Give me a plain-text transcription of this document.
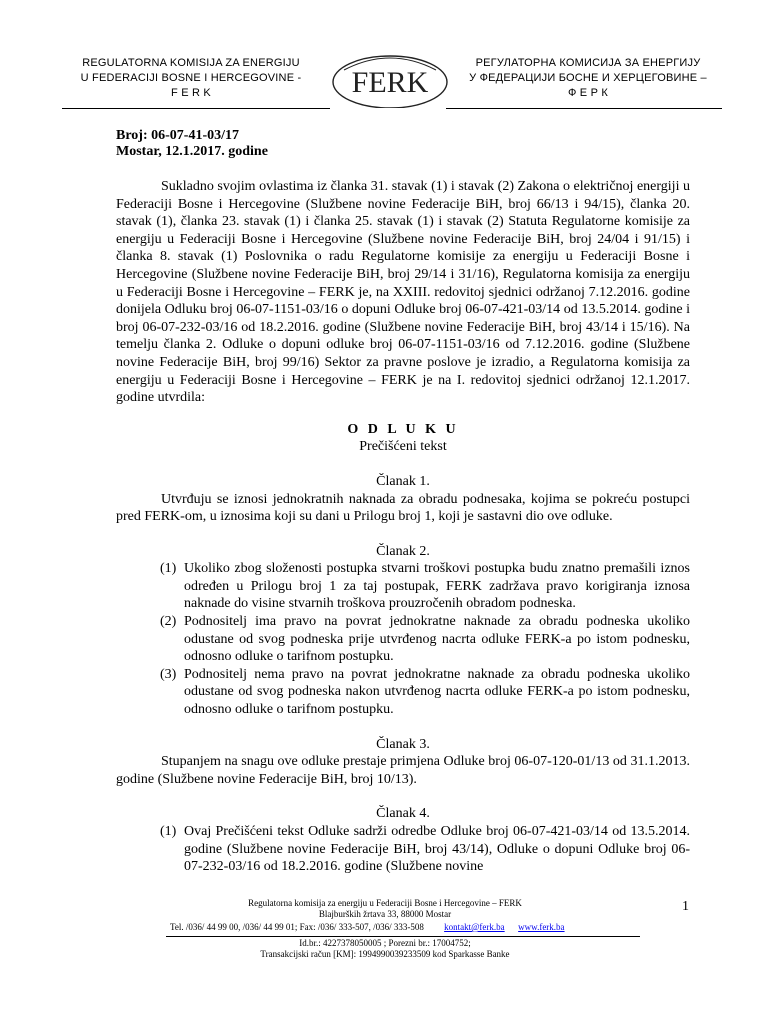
REGULATORNA KOMISIJA ZA ENERGIJU
U FEDERACIJI BOSNE I HERCEGOVINE -
F E R K	FERK
РЕГУЛАТОРНА КОМИСИЈА ЗА ЕНЕРГИЈУ
У ФЕДЕРАЦИЈИ БОСНЕ И ХЕРЦЕГОВИНЕ –
Ф Е Р К
Broj: 06-07-41-03/17
Mostar, 12.1.2017. godine

Sukladno svojim ovlastima iz članka 31. stavak (1) i stavak (2) Zakona o električnoj energiji u Federaciji Bosne i Hercegovine (Službene novine Federacije BiH, broj 66/13 i 94/15), članka 20. stavak (1), članka 23. stavak (1) i članka 25. stavak (1) i stavak (2) Statuta Regulatorne komisije za energiju u Federaciji Bosne i Hercegovine (Službene novine Federacije BiH, broj 24/04 i 91/15) i članka 8. stavak (1) Poslovnika o radu Regulatorne komisije za energiju u Federaciji Bosne i Hercegovine (Službene novine Federacije BiH, broj 29/14 i 31/16), Regulatorna komisija za energiju u Federaciji Bosne i Hercegovine – FERK je, na XXIII. redovitoj sjednici održanoj 7.12.2016. godine donijela Odluku broj 06-07-1151-03/16 o dopuni Odluke broj 06-07-421-03/14 od 13.5.2014. godine i broj 06-07-232-03/16 od 18.2.2016. godine (Službene novine Federacije BiH, broj 43/14 i 15/16). Na temelju članka 2. Odluke o dopuni odluke broj 06-07-1151-03/16 od 7.12.2016. godine (Službene novine Federacije BiH, broj 99/16) Sektor za pravne poslove je izradio, a Regulatorna komisija za energiju u Federaciji Bosne i Hercegovine – FERK je na I. redovitoj sjednici održanoj 12.1.2017. godine utvrdila:

O D L U K U

Prečišćeni tekst

Članak 1.

Utvrđuju se iznosi jednokratnih naknada za obradu podnesaka, kojima se pokreću postupci pred FERK-om, u iznosima koji su dani u Prilogu broj 1, koji je sastavni dio ove odluke.

Članak 2.

(1) Ukoliko zbog složenosti postupka stvarni troškovi postupka budu znatno premašili iznos određen u Prilogu broj 1 za taj postupak, FERK zadržava pravo korigiranja iznosa naknade do visine stvarnih troškova prouzročenih obradom podneska.
(2) Podnositelj ima pravo na povrat jednokratne naknade za obradu podneska ukoliko odustane od svog podneska prije utvrđenog nacrta odluke FERK-a po istom podnesku, odnosno odluke o tarifnom postupku.
(3) Podnositelj nema pravo na povrat jednokratne naknade za obradu podneska ukoliko odustane od svog podneska nakon utvrđenog nacrta odluke FERK-a po istom podnesku, odnosno odluke o tarifnom postupku.

Članak 3.

Stupanjem na snagu ove odluke prestaje primjena Odluke broj 06-07-120-01/13 od 31.1.2013. godine (Službene novine Federacije BiH, broj 10/13).

Članak 4.

(1) Ovaj Prečišćeni tekst Odluke sadrži odredbe Odluke broj 06-07-421-03/14 od 13.5.2014. godine (Službene novine Federacije BiH, broj 43/14), Odluke o dopuni Odluke broj 06-07-232-03/16 od 18.2.2016. godine (Službene novine
Regulatorna komisija za energiju u Federaciji Bosne i Hercegovine – FERK
Blajburških žrtava 33, 88000 Mostar	1
Tel. /036/ 44 99 00, /036/ 44 99 01; Fax: /036/ 333-507, /036/ 333-508 kontakt@ferk.ba www.ferk.ba
Id.br.: 4227378050005 ; Porezni br.: 17004752;
Transakcijski račun [KM]: 1994990039233509 kod Sparkasse Banke
